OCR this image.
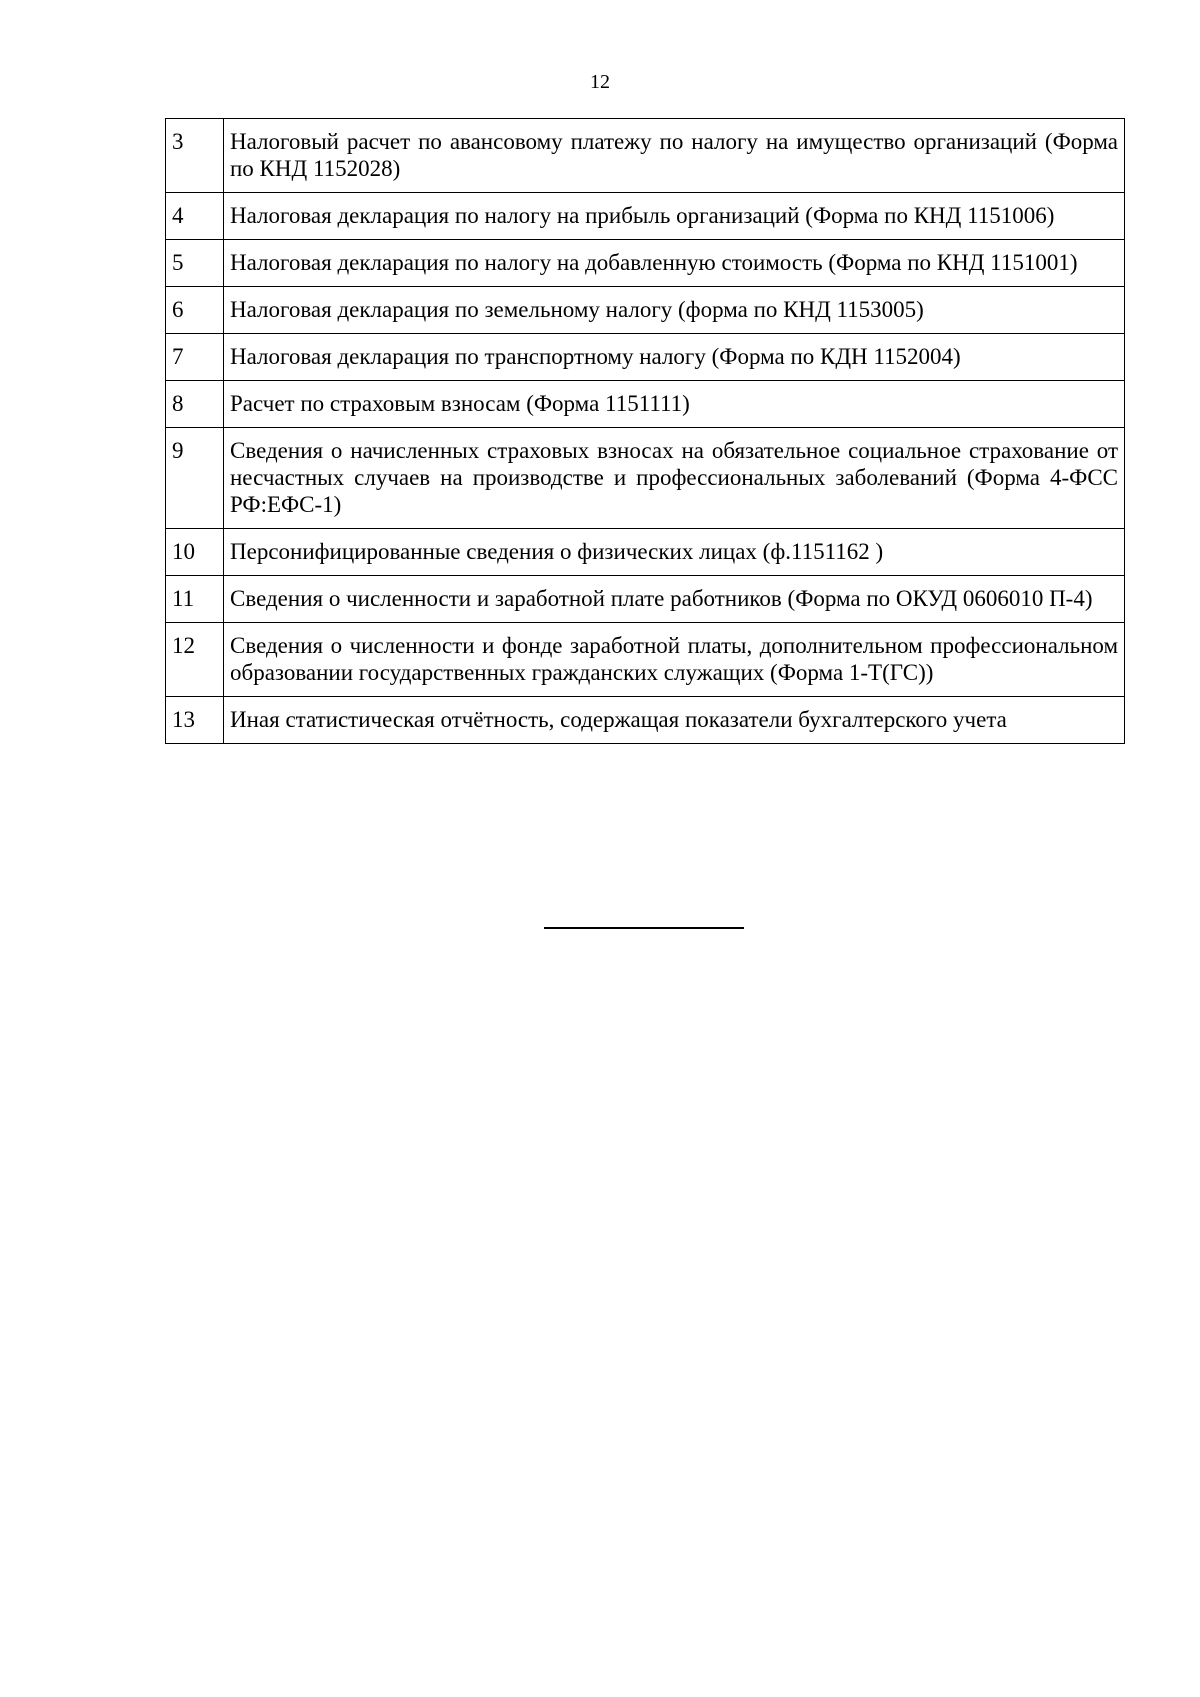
12
3	Налоговый расчет по авансовому платежу по налогу на имущество организаций (Форма по КНД 1152028)
4	Налоговая декларация по налогу на прибыль организаций (Форма по КНД 1151006)
5	Налоговая декларация по налогу на добавленную стоимость (Форма по КНД 1151001)
6	Налоговая декларация по земельному налогу (форма по КНД 1153005)
7	Налоговая декларация по транспортному налогу (Форма по КДН 1152004)
8	Расчет по страховым взносам (Форма 1151111)
9	Сведения о начисленных страховых взносах на обязательное социальное страхование от несчастных случаев на производстве и профессиональных заболеваний (Форма 4-ФСС РФ:ЕФС-1)
10	Персонифицированные сведения о физических лицах (ф.1151162 )
11	Сведения о численности и заработной плате работников (Форма по ОКУД 0606010 П-4)
12	Сведения о численности и фонде заработной платы, дополнительном профессиональном образовании государственных гражданских служащих (Форма 1-Т(ГС))
13	Иная статистическая отчётность, содержащая показатели бухгалтерского учета
